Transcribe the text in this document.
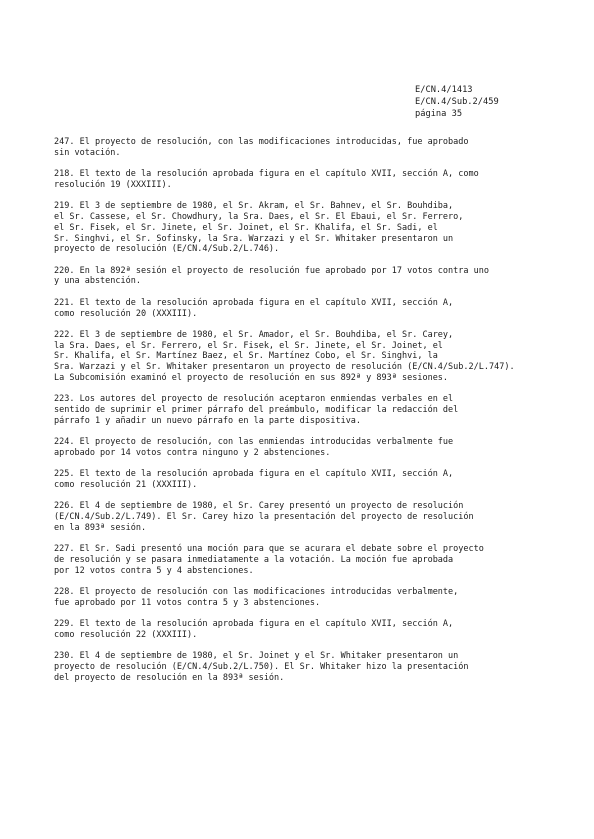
E/CN.4/1413
E/CN.4/Sub.2/459
página 35
247. El proyecto de resolución, con las modificaciones introducidas, fue aprobado
sin votación.
218. El texto de la resolución aprobada figura en el capítulo XVII, sección A, como
resolución 19 (XXXIII).
219. El 3 de septiembre de 1980, el Sr. Akram, el Sr. Bahnev, el Sr. Bouhdiba,
el Sr. Cassese, el Sr. Chowdhury, la Sra. Daes, el Sr. El Ebaui, el Sr. Ferrero,
el Sr. Fisek, el Sr. Jinete, el Sr. Joinet, el Sr. Khalifa, el Sr. Sadi, el
Sr. Singhvi, el Sr. Sofinsky, la Sra. Warzazi y el Sr. Whitaker presentaron un
proyecto de resolución (E/CN.4/Sub.2/L.746).
220. En la 892ª sesión el proyecto de resolución fue aprobado por 17 votos contra uno
y una abstención.
221. El texto de la resolución aprobada figura en el capítulo XVII, sección A,
como resolución 20 (XXXIII).
222. El 3 de septiembre de 1980, el Sr. Amador, el Sr. Bouhdiba, el Sr. Carey,
la Sra. Daes, el Sr. Ferrero, el Sr. Fisek, el Sr. Jinete, el Sr. Joinet, el
Sr. Khalifa, el Sr. Martínez Baez, el Sr. Martínez Cobo, el Sr. Singhvi, la
Sra. Warzazi y el Sr. Whitaker presentaron un proyecto de resolución (E/CN.4/Sub.2/L.747).
La Subcomisión examinó el proyecto de resolución en sus 892ª y 893ª sesiones.
223. Los autores del proyecto de resolución aceptaron enmiendas verbales en el
sentido de suprimir el primer párrafo del preámbulo, modificar la redacción del
párrafo 1 y añadir un nuevo párrafo en la parte dispositiva.
224. El proyecto de resolución, con las enmiendas introducidas verbalmente fue
aprobado por 14 votos contra ninguno y 2 abstenciones.
225. El texto de la resolución aprobada figura en el capítulo XVII, sección A,
como resolución 21 (XXXIII).
226. El 4 de septiembre de 1980, el Sr. Carey presentó un proyecto de resolución
(E/CN.4/Sub.2/L.749). El Sr. Carey hizo la presentación del proyecto de resolución
en la 893ª sesión.
227. El Sr. Sadi presentó una moción para que se acurara el debate sobre el proyecto
de resolución y se pasara inmediatamente a la votación. La moción fue aprobada
por 12 votos contra 5 y 4 abstenciones.
228. El proyecto de resolución con las modificaciones introducidas verbalmente,
fue aprobado por 11 votos contra 5 y 3 abstenciones.
229. El texto de la resolución aprobada figura en el capítulo XVII, sección A,
como resolución 22 (XXXIII).
230. El 4 de septiembre de 1980, el Sr. Joinet y el Sr. Whitaker presentaron un
proyecto de resolución (E/CN.4/Sub.2/L.750). El Sr. Whitaker hizo la presentación
del proyecto de resolución en la 893ª sesión.
